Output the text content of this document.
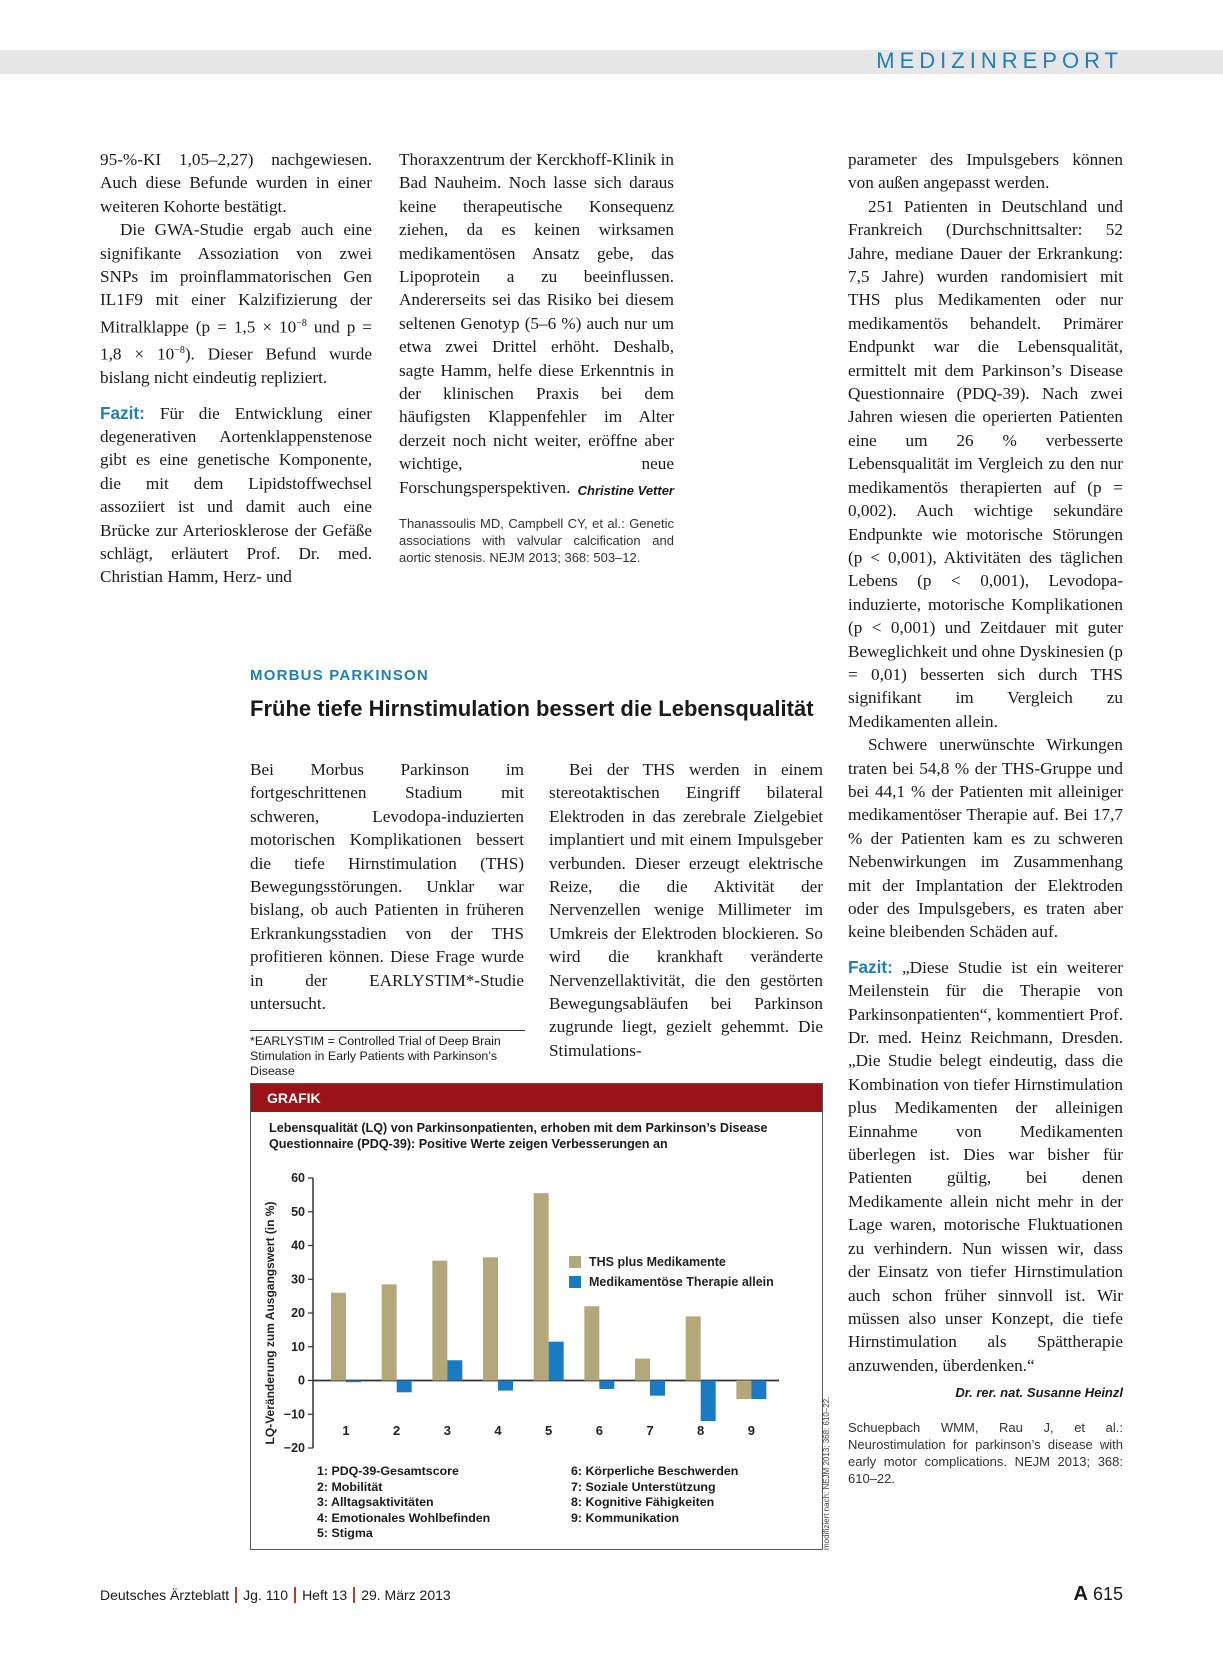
MEDIZINREPORT

95-%-KI 1,05–2,27) nachgewiesen. Auch diese Befunde wurden in einer weiteren Kohorte bestätigt.

Die GWA-Studie ergab auch eine signifikante Assoziation von zwei SNPs im proinflammatorischen Gen IL1F9 mit einer Kalzifizierung der Mitralklappe ($p = 1,5 \times 10^{-8}$ und $p = 1,8 \times 10^{-8}$). Dieser Befund wurde bislang nicht eindeutig repliziert.

Fazit: Für die Entwicklung einer degenerativen Aortenklappenstenose gibt es eine genetische Komponente, die mit dem Lipidstoffwechsel assoziiert ist und damit auch eine Brücke zur Arteriosklerose der Gefäße schlägt, erläutert Prof. Dr. med. Christian Hamm, Herz- und

Thoraxzentrum der Kerckhoff-Klinik in Bad Nauheim. Noch lasse sich daraus keine therapeutische Konsequenz ziehen, da es keinen wirksamen medikamentösen Ansatz gebe, das Lipoprotein a zu beeinflussen. Andererseits sei das Risiko bei diesem seltenen Genotyp (5–6 %) auch nur um etwa zwei Drittel erhöht. Deshalb, sagte Hamm, helfe diese Erkenntnis in der klinischen Praxis bei dem häufigsten Klappenfehler im Alter derzeit noch nicht weiter, eröffne aber wichtige, neue Forschungsperspektiven. Christine Vetter
Thanassoulis MD, Campbell CY, et al.: Genetic associations with valvular calcification and aortic stenosis. NEJM 2013; 368: 503–12.
MORBUS PARKINSON
Frühe tiefe Hirnstimulation bessert die Lebensqualität

Bei Morbus Parkinson im fortgeschrittenen Stadium mit schweren, Levodopa-induzierten motorischen Komplikationen bessert die tiefe Hirnstimulation (THS) Bewegungsstörungen. Unklar war bislang, ob auch Patienten in früheren Erkrankungsstadien von der THS profitieren können. Diese Frage wurde in der EARLYSTIM*-Studie untersucht.

*EARLYSTIM = Controlled Trial of Deep Brain Stimulation in Early Patients with Parkinson’s Disease

Bei der THS werden in einem stereotaktischen Eingriff bilateral Elektroden in das zerebrale Zielgebiet implantiert und mit einem Impulsgeber verbunden. Dieser erzeugt elektrische Reize, die die Aktivität der Nervenzellen wenige Millimeter im Umkreis der Elektroden blockieren. So wird die krankhaft veränderte Nervenzellaktivität, die den gestörten Bewegungsabläufen bei Parkinson zugrunde liegt, gezielt gehemmt. Die Stimulations-

parameter des Impulsgebers können von außen angepasst werden.

251 Patienten in Deutschland und Frankreich (Durchschnittsalter: 52 Jahre, mediane Dauer der Erkrankung: 7,5 Jahre) wurden randomisiert mit THS plus Medikamenten oder nur medikamentös behandelt. Primärer Endpunkt war die Lebensqualität, ermittelt mit dem Parkinson’s Disease Questionnaire (PDQ-39). Nach zwei Jahren wiesen die operierten Patienten eine um 26 % verbesserte Lebensqualität im Vergleich zu den nur medikamentös therapierten auf (p = 0,002). Auch wichtige sekundäre Endpunkte wie motorische Störungen (p < 0,001), Aktivitäten des täglichen Lebens (p < 0,001), Levodopa-induzierte, motorische Komplikationen (p < 0,001) und Zeitdauer mit guter Beweglichkeit und ohne Dyskinesien (p = 0,01) besserten sich durch THS signifikant im Vergleich zu Medikamenten allein.

Schwere unerwünschte Wirkungen traten bei 54,8 % der THS-Gruppe und bei 44,1 % der Patienten mit alleiniger medikamentöser Therapie auf. Bei 17,7 % der Patienten kam es zu schweren Nebenwirkungen im Zusammenhang mit der Implantation der Elektroden oder des Impulsgebers, es traten aber keine bleibenden Schäden auf.

Fazit: „Diese Studie ist ein weiterer Meilenstein für die Therapie von Parkinsonpatienten“, kommentiert Prof. Dr. med. Heinz Reichmann, Dresden. „Die Studie belegt eindeutig, dass die Kombination von tiefer Hirnstimulation plus Medikamenten der alleinigen Einnahme von Medikamenten überlegen ist. Dies war bisher für Patienten gültig, bei denen Medikamente allein nicht mehr in der Lage waren, motorische Fluktuationen zu verhindern. Nun wissen wir, dass der Einsatz von tiefer Hirnstimulation auch schon früher sinnvoll ist. Wir müssen also unser Konzept, die tiefe Hirnstimulation als Spättherapie anzuwenden, überdenken.“

Dr. rer. nat. Susanne Heinzl
Schuepbach WMM, Rau J, et al.: Neurostimulation for parkinson’s disease with early motor complications. NEJM 2013; 368: 610–22.
GRAFIK
Lebensqualität (LQ) von Parkinsonpatienten, erhoben mit dem Parkinson’s Disease Questionnaire (PDQ-39): Positive Werte zeigen Verbesserungen an
60
50
40
30
20
10
0
−10
−20
LQ-Veränderung zum Ausgangswert (in %)	1	2	3	4	5	6	7	8	9
THS plus Medikamente
Medikamentöse Therapie allein
1: PDQ-39-Gesamtscore
2: Mobilität
3: Alltagsaktivitäten
4: Emotionales Wohlbefinden
5: Stigma
6: Körperliche Beschwerden
7: Soziale Unterstützung
8: Kognitive Fähigkeiten
9: Kommunikation	modifiziert nach: NEJM 2013; 368: 610–22.
Deutsches Ärzteblatt Jg. 110 Heft 13 29. März 2013	A 615
